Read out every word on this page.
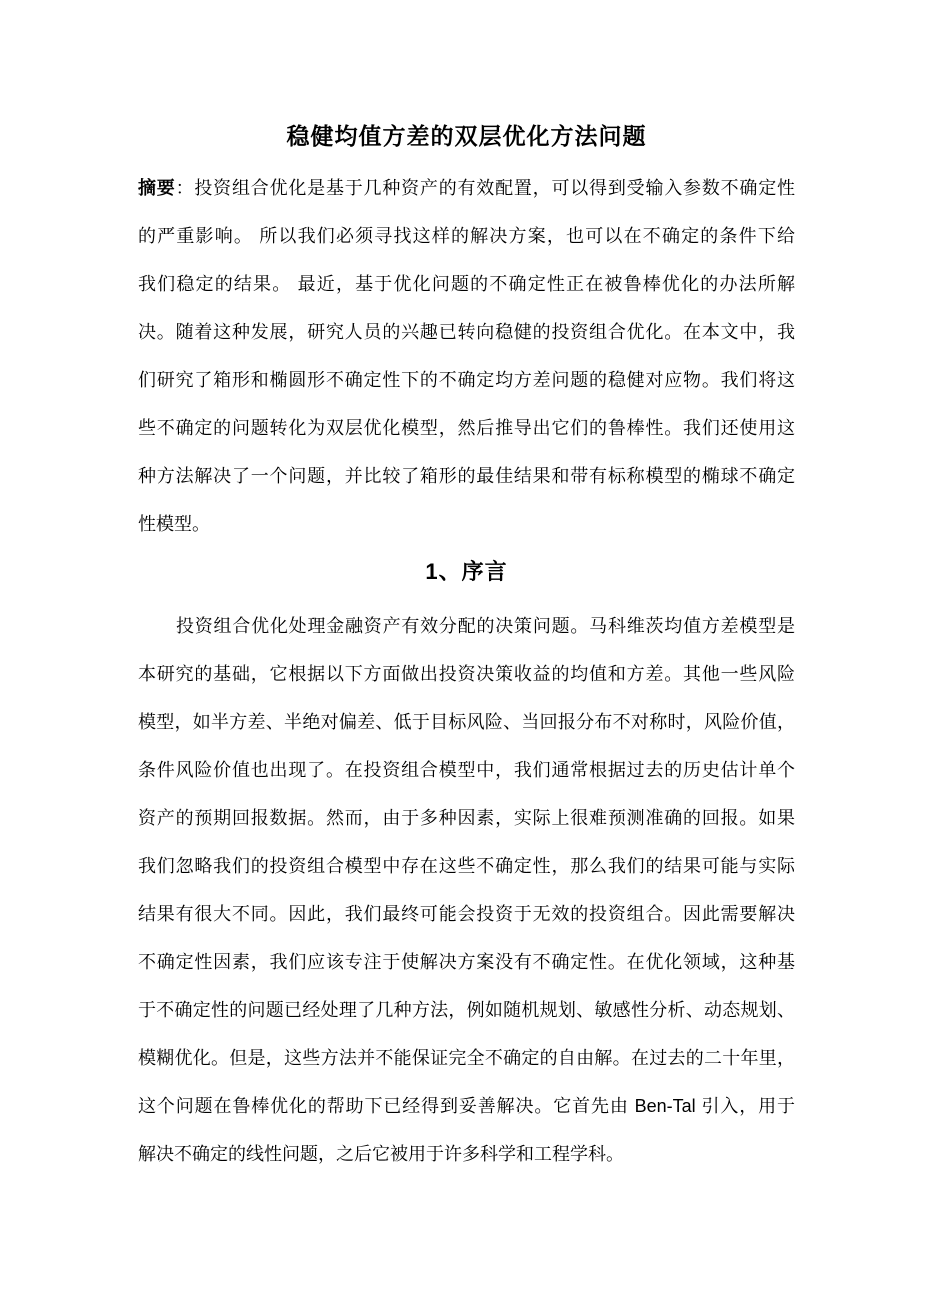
稳健均值方差的双层优化方法问题
摘要：投资组合优化是基于几种资产的有效配置，可以得到受输入参数不确定性
的严重影响。 所以我们必须寻找这样的解决方案，也可以在不确定的条件下给
我们稳定的结果。 最近，基于优化问题的不确定性正在被鲁棒优化的办法所解
决。随着这种发展，研究人员的兴趣已转向稳健的投资组合优化。在本文中，我
们研究了箱形和椭圆形不确定性下的不确定均方差问题的稳健对应物。我们将这
些不确定的问题转化为双层优化模型，然后推导出它们的鲁棒性。我们还使用这
种方法解决了一个问题，并比较了箱形的最佳结果和带有标称模型的椭球不确定
性模型。
1、序言
投资组合优化处理金融资产有效分配的决策问题。马科维茨均值方差模型是
本研究的基础，它根据以下方面做出投资决策收益的均值和方差。其他一些风险
模型，如半方差、半绝对偏差、低于目标风险、当回报分布不对称时，风险价值，
条件风险价值也出现了。在投资组合模型中，我们通常根据过去的历史估计单个
资产的预期回报数据。然而，由于多种因素，实际上很难预测准确的回报。如果
我们忽略我们的投资组合模型中存在这些不确定性，那么我们的结果可能与实际
结果有很大不同。因此，我们最终可能会投资于无效的投资组合。因此需要解决
不确定性因素，我们应该专注于使解决方案没有不确定性。在优化领域，这种基
于不确定性的问题已经处理了几种方法，例如随机规划、敏感性分析、动态规划、
模糊优化。但是，这些方法并不能保证完全不确定的自由解。在过去的二十年里，
这个问题在鲁棒优化的帮助下已经得到妥善解决。它首先由 Ben-Tal 引入，用于
解决不确定的线性问题，之后它被用于许多科学和工程学科。
